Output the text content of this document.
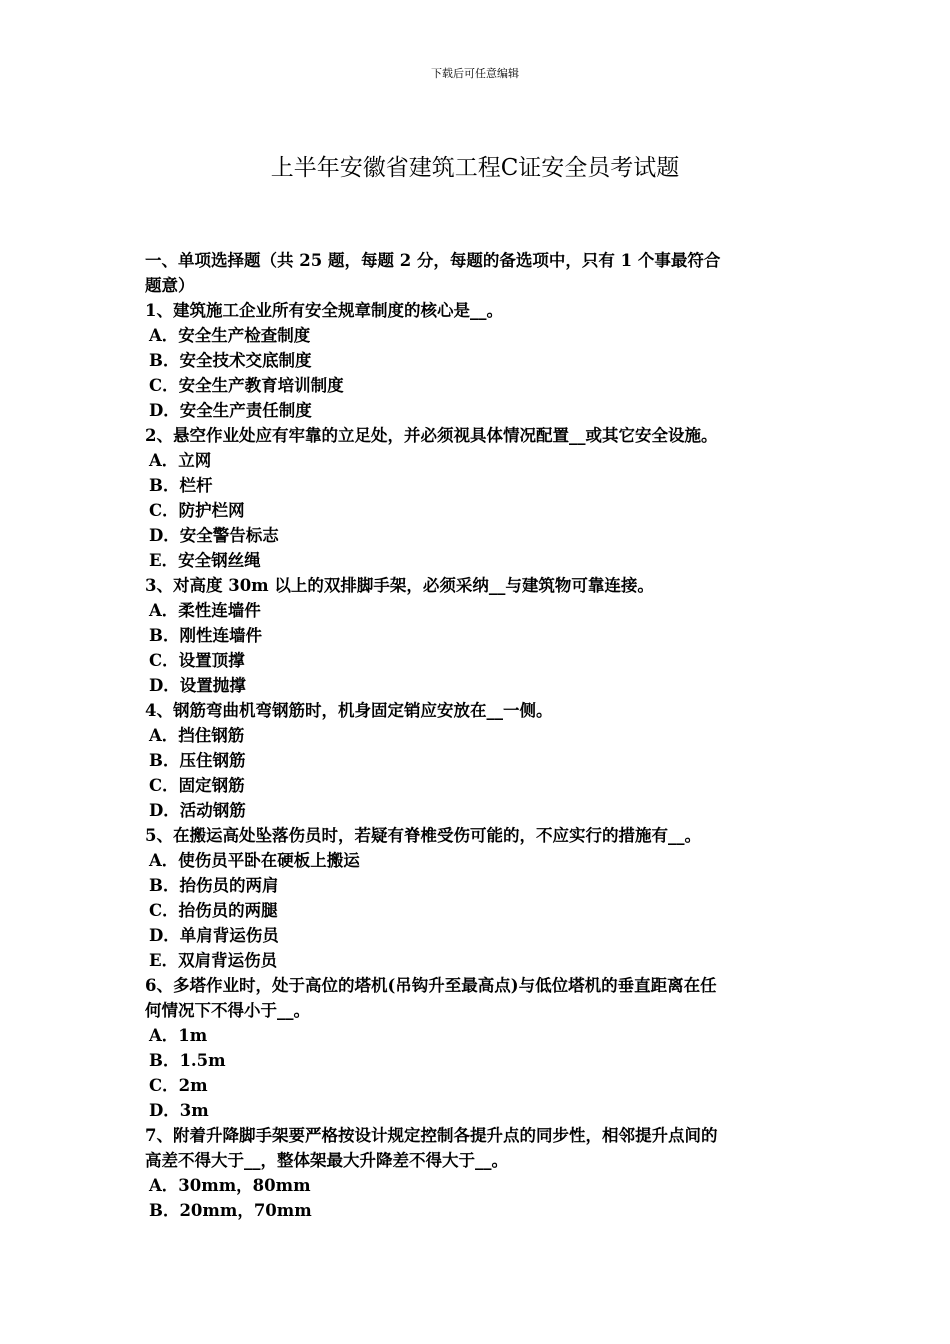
下载后可任意编辑
上半年安徽省建筑工程C证安全员考试题
一、单项选择题（共 25 题，每题 2 分，每题的备选项中，只有 1 个事最符合
题意）
1、建筑施工企业所有安全规章制度的核心是__。
A．安全生产检查制度
B．安全技术交底制度
C．安全生产教育培训制度
D．安全生产责任制度
2、悬空作业处应有牢靠的立足处，并必须视具体情况配置__或其它安全设施。
A．立网
B．栏杆
C．防护栏网
D．安全警告标志
E．安全钢丝绳
3、对高度 30m 以上的双排脚手架，必须采纳__与建筑物可靠连接。
A．柔性连墙件
B．刚性连墙件
C．设置顶撑
D．设置抛撑
4、钢筋弯曲机弯钢筋时，机身固定销应安放在__一侧。
A．挡住钢筋
B．压住钢筋
C．固定钢筋
D．活动钢筋
5、在搬运高处坠落伤员时，若疑有脊椎受伤可能的，不应实行的措施有__。
A．使伤员平卧在硬板上搬运
B．抬伤员的两肩
C．抬伤员的两腿
D．单肩背运伤员
E．双肩背运伤员
6、多塔作业时，处于高位的塔机(吊钩升至最高点)与低位塔机的垂直距离在任
何情况下不得小于__。
A．1m
B．1.5m
C．2m
D．3m
7、附着升降脚手架要严格按设计规定控制各提升点的同步性，相邻提升点间的
高差不得大于__，整体架最大升降差不得大于__。
A．30mm，80mm
B．20mm，70mm
